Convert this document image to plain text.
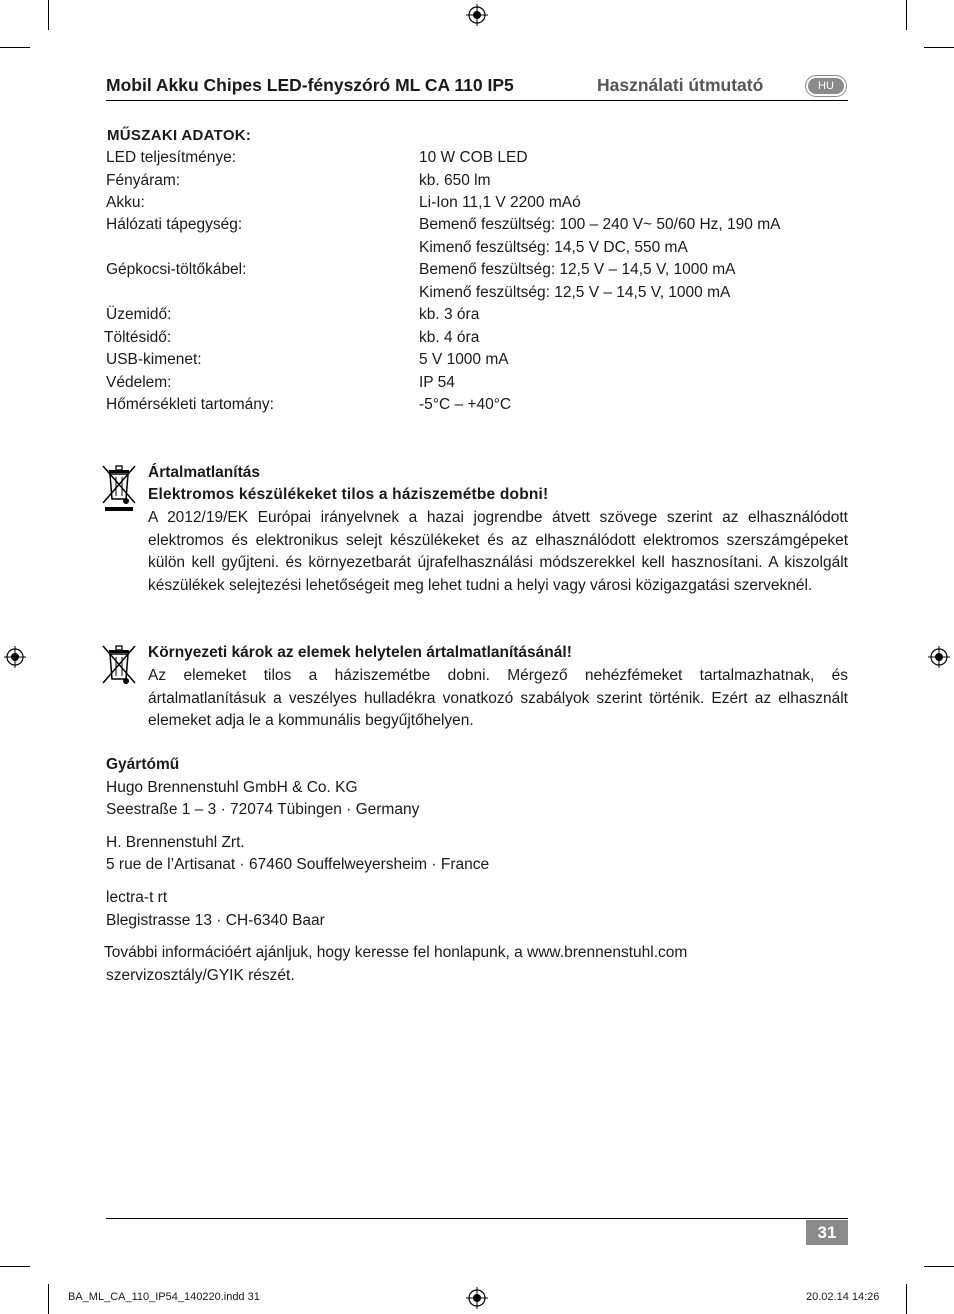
Mobil Akku Chipes LED-fényszóró ML CA 110 IP5	Használati útmutató	HU
MŰSZAKI ADATOK:
LED teljesítménye:	10 W COB LED
Fényáram:	kb. 650 lm
Akku:	Li-Ion 11,1 V 2200 mAó
Hálózati tápegység:	Bemenő feszültség: 100 – 240 V~ 50/60 Hz, 190 mA
Kimenő feszültség: 14,5 V DC, 550 mA
Gépkocsi-töltőkábel:	Bemenő feszültség: 12,5 V – 14,5 V, 1000 mA
Kimenő feszültség: 12,5 V – 14,5 V, 1000 mA
Üzemidő:	kb. 3 óra
Töltésidő:	kb. 4 óra
USB-kimenet:	5 V 1000 mA
Védelem:	IP 54
Hőmérsékleti tartomány:	-5°C – +40°C
Ártalmatlanítás
Elektromos készülékeket tilos a háziszemétbe dobni!

A 2012/19/EK Európai irányelvnek a hazai jogrendbe átvett szövege szerint az elhasználódott elektromos és elektronikus selejt készülékeket és az elhasználódott elektromos szerszámgépeket külön kell gyűjteni. és környezetbarát újrafelhasználási módszerekkel kell hasznosítani. A kiszolgált készülékek selejtezési lehetőségeit meg lehet tudni a helyi vagy városi közigazgatási szerveknél.

Környezeti károk az elemek helytelen ártalmatlanításánál!

Az elemeket tilos a háziszemétbe dobni. Mérgező nehézfémeket tartalmazhatnak, és ártalmatlanításuk a veszélyes hulladékra vonatkozó szabályok szerint történik. Ezért az elhasznált elemeket adja le a kommunális begyűjtőhelyen.

Gyártómű
Hugo Brennenstuhl GmbH & Co. KG
Seestraße 1 – 3 · 72074 Tübingen · Germany
H. Brennenstuhl Zrt.
5 rue de l’Artisanat · 67460 Souffelweyersheim · France
lectra-t rt
Blegistrasse 13 · CH-6340 Baar
További információért ajánljuk, hogy keresse fel honlapunk, a www.brennenstuhl.com
szervizosztály/GYIK részét.
31
BA_ML_CA_110_IP54_140220.indd 31	20.02.14 14:26
